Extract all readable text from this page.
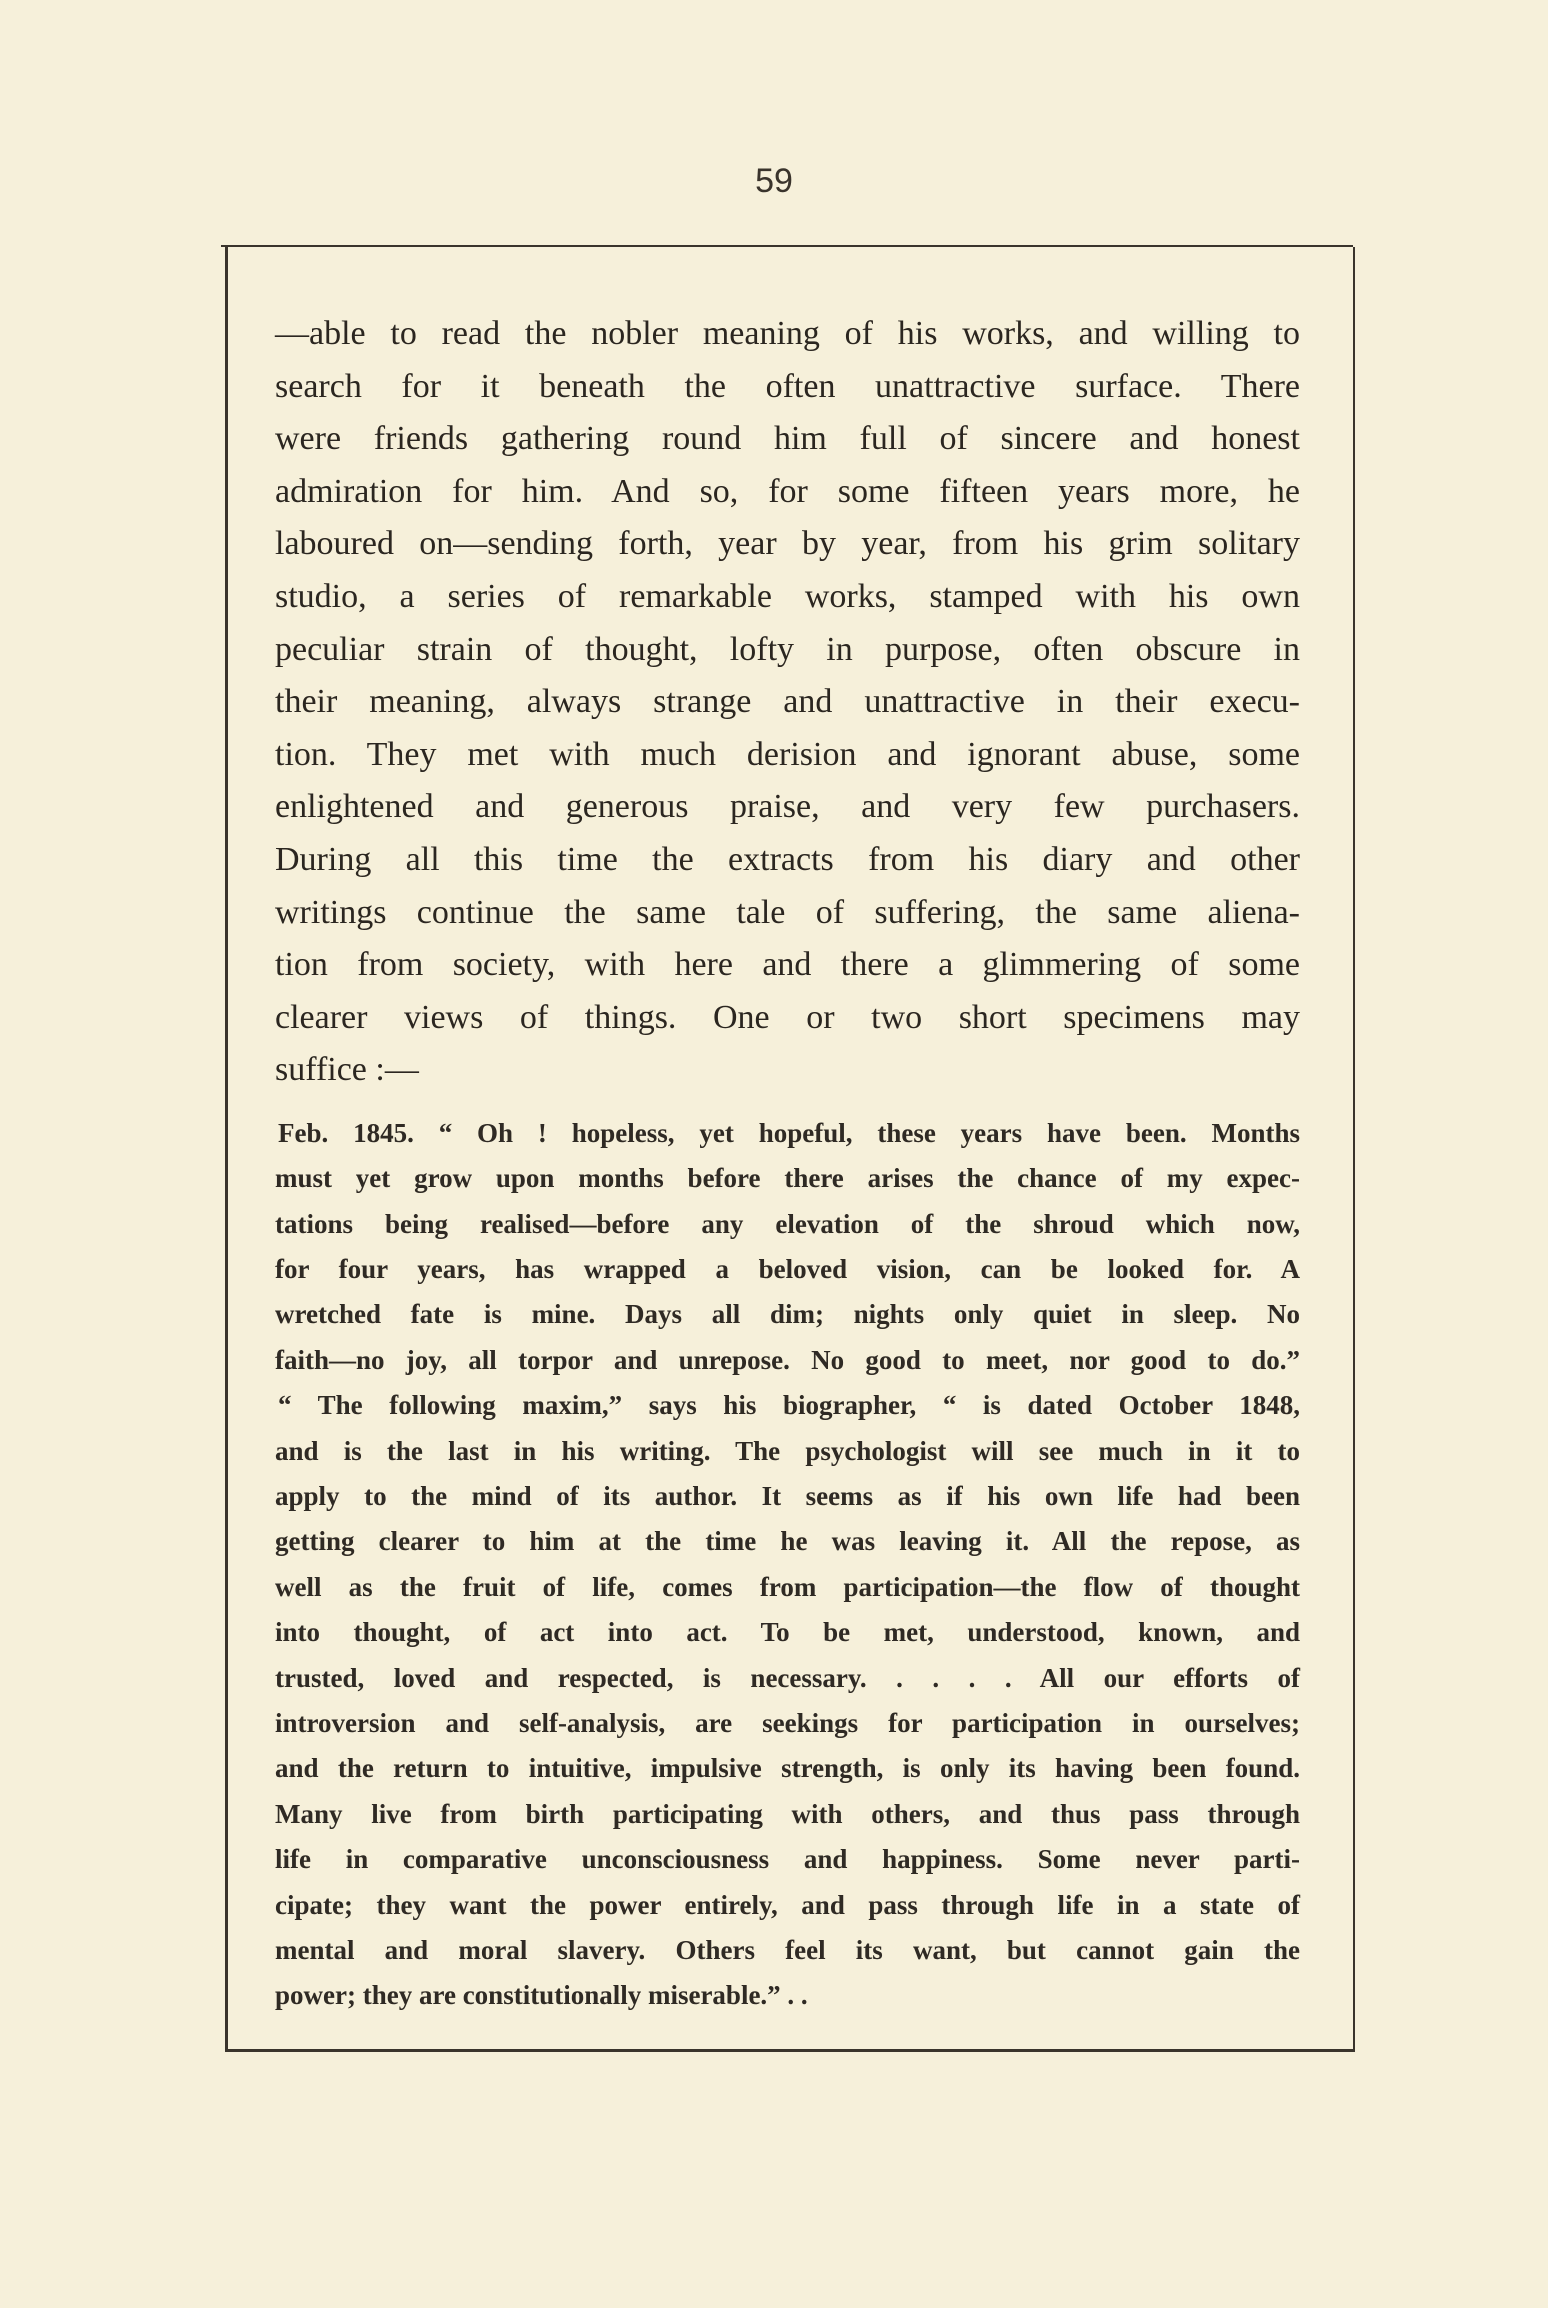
59
—able to read the nobler meaning of his works, and willing to
search for it beneath the often unattractive surface. There
were friends gathering round him full of sincere and honest
admiration for him. And so, for some fifteen years more, he
laboured on—sending forth, year by year, from his grim solitary
studio, a series of remarkable works, stamped with his own
peculiar strain of thought, lofty in purpose, often obscure in
their meaning, always strange and unattractive in their execu-
tion. They met with much derision and ignorant abuse, some
enlightened and generous praise, and very few purchasers.
During all this time the extracts from his diary and other
writings continue the same tale of suffering, the same aliena-
tion from society, with here and there a glimmering of some
clearer views of things. One or two short specimens may
suffice :—
Feb. 1845. “ Oh ! hopeless, yet hopeful, these years have been. Months
must yet grow upon months before there arises the chance of my expec-
tations being realised—before any elevation of the shroud which now,
for four years, has wrapped a beloved vision, can be looked for. A
wretched fate is mine. Days all dim; nights only quiet in sleep. No
faith—no joy, all torpor and unrepose. No good to meet, nor good to do.”
“ The following maxim,” says his biographer, “ is dated October 1848,
and is the last in his writing. The psychologist will see much in it to
apply to the mind of its author. It seems as if his own life had been
getting clearer to him at the time he was leaving it. All the repose, as
well as the fruit of life, comes from participation—the flow of thought
into thought, of act into act. To be met, understood, known, and
trusted, loved and respected, is necessary. . . . . All our efforts of
introversion and self-analysis, are seekings for participation in ourselves;
and the return to intuitive, impulsive strength, is only its having been found.
Many live from birth participating with others, and thus pass through
life in comparative unconsciousness and happiness. Some never parti-
cipate; they want the power entirely, and pass through life in a state of
mental and moral slavery. Others feel its want, but cannot gain the
power; they are constitutionally miserable.” . .
